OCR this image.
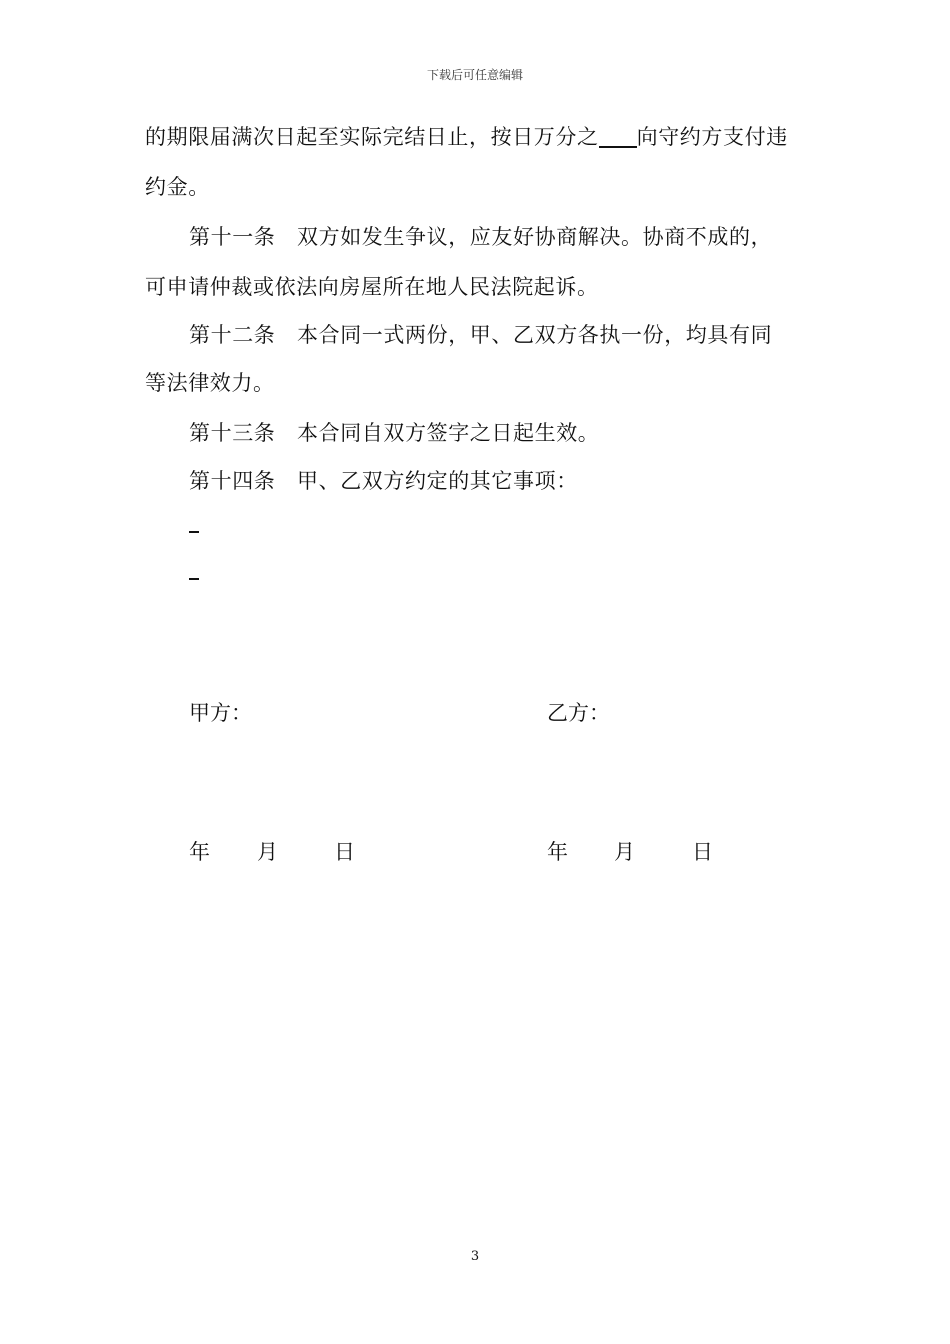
下载后可任意编辑
的期限届满次日起至实际完结日止，按日万分之 向守约方支付违
约金。
第十一条　双方如发生争议，应友好协商解决。协商不成的，
可申请仲裁或依法向房屋所在地人民法院起诉。
第十二条　本合同一式两份，甲、乙双方各执一份，均具有同
等法律效力。
第十三条　本合同自双方签字之日起生效。
第十四条　甲、乙双方约定的其它事项：
甲方：	乙方：
年 月	日	年 月	日
3
